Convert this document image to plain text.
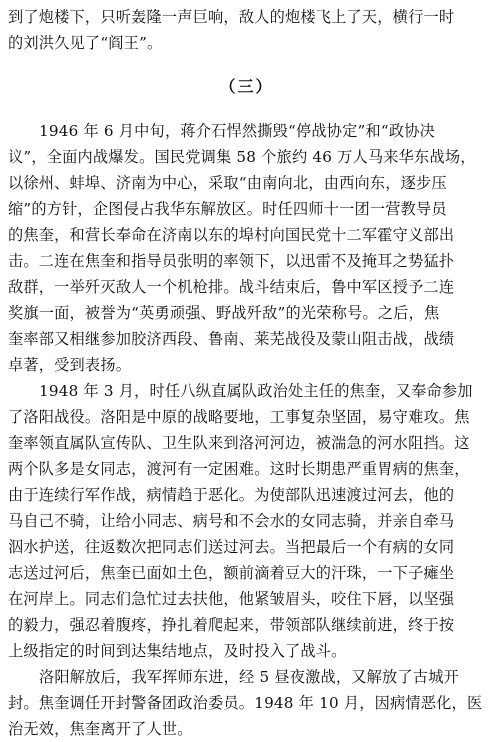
到了炮楼下，只听轰隆一声巨响，敌人的炮楼飞上了天，横行一时
的刘洪久见了“阎王”。
（三）
1946 年 6 月中旬，蒋介石悍然撕毁“停战协定”和“政协决
议”，全面内战爆发。国民党调集 58 个旅约 46 万人马来华东战场，
以徐州、蚌埠、济南为中心，采取“由南向北，由西向东，逐步压
缩”的方针，企图侵占我华东解放区。时任四师十一团一营教导员
的焦奎，和营长奉命在济南以东的埠村向国民党十二军霍守义部出
击。二连在焦奎和指导员张明的率领下，以迅雷不及掩耳之势猛扑
敌群，一举歼灭敌人一个机枪排。战斗结束后，鲁中军区授予二连
奖旗一面，被誉为“英勇顽强、野战歼敌”的光荣称号。之后，焦
奎率部又相继参加胶济西段、鲁南、莱芜战役及蒙山阻击战，战绩
卓著，受到表扬。
1948 年 3 月，时任八纵直属队政治处主任的焦奎，又奉命参加
了洛阳战役。洛阳是中原的战略要地，工事复杂坚固，易守难攻。焦
奎率领直属队宣传队、卫生队来到洛河河边，被湍急的河水阻挡。这
两个队多是女同志，渡河有一定困难。这时长期患严重胃病的焦奎，
由于连续行军作战，病情趋于恶化。为使部队迅速渡过河去，他的
马自己不骑，让给小同志、病号和不会水的女同志骑，并亲自牵马
泅水护送，往返数次把同志们送过河去。当把最后一个有病的女同
志送过河后，焦奎已面如土色，额前滴着豆大的汗珠，一下子瘫坐
在河岸上。同志们急忙过去扶他，他紧皱眉头，咬住下唇，以坚强
的毅力，强忍着腹疼，挣扎着爬起来，带领部队继续前进，终于按
上级指定的时间到达集结地点，及时投入了战斗。
洛阳解放后，我军挥师东进，经 5 昼夜激战，又解放了古城开
封。焦奎调任开封警备团政治委员。1948 年 10 月，因病情恶化，医
治无效，焦奎离开了人世。
